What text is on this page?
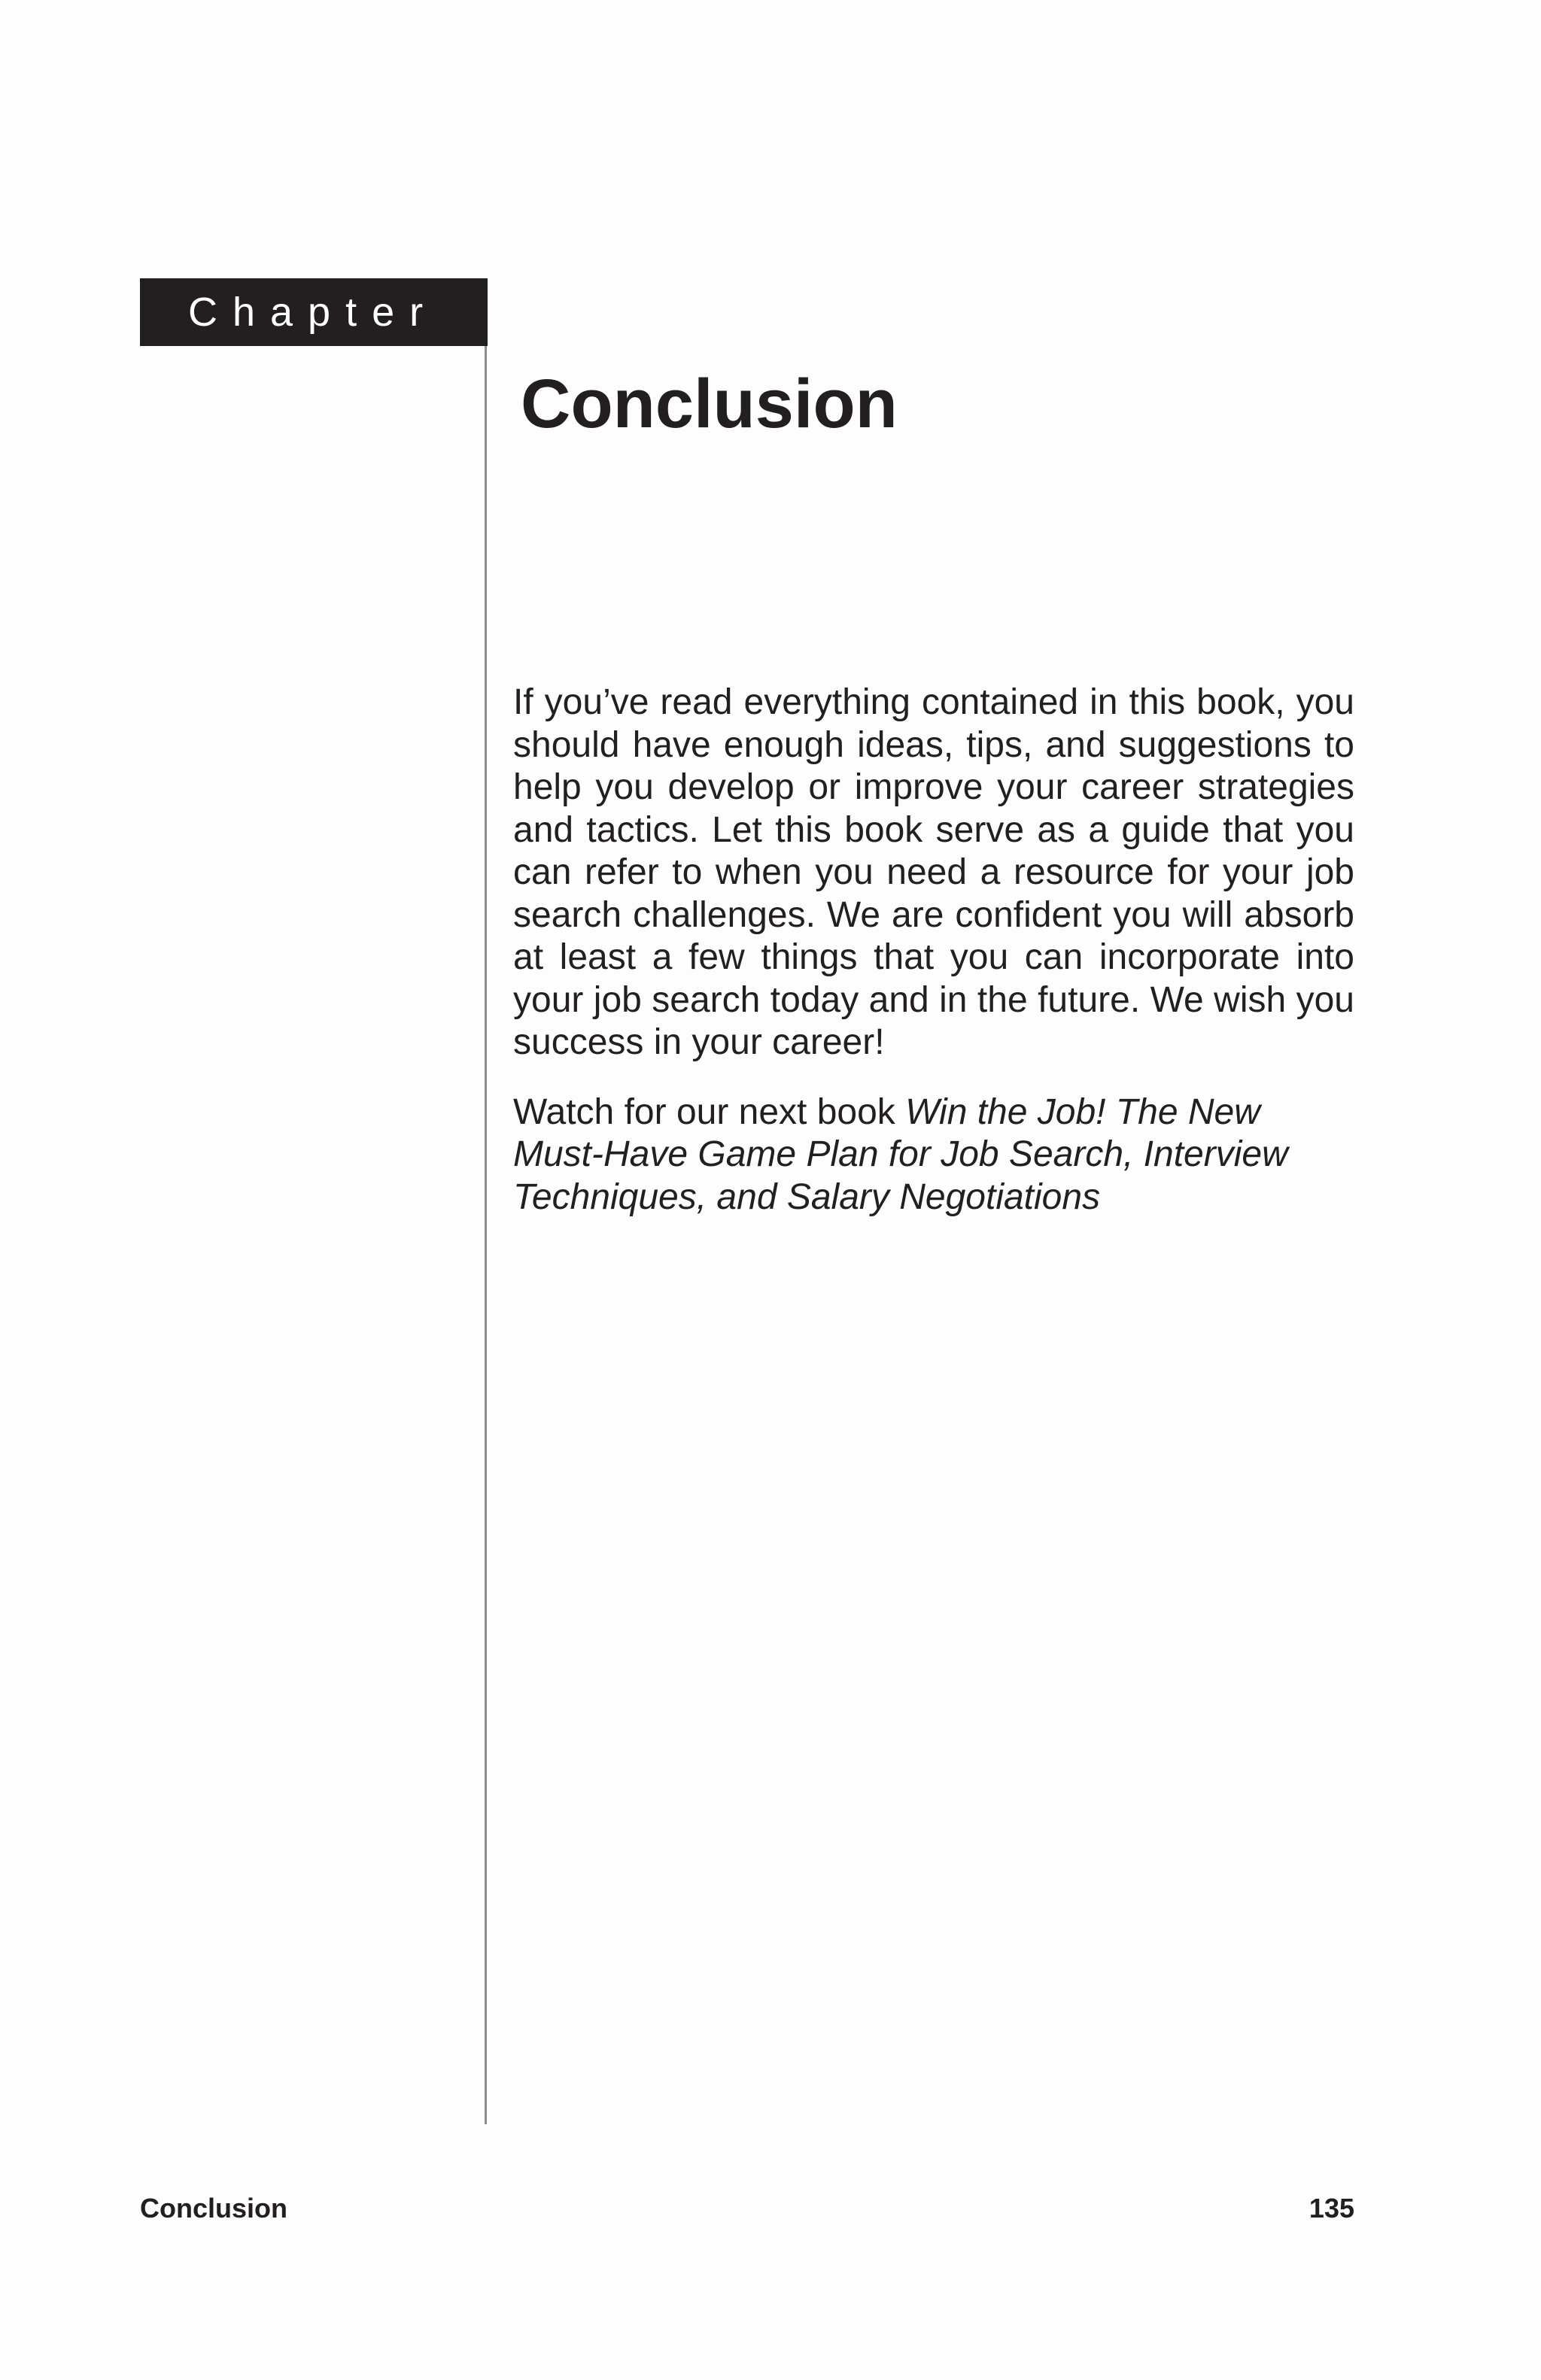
Chapter
Conclusion

If you’ve read everything contained in this book, you should have enough ideas, tips, and suggestions to help you develop or improve your career strategies and tactics. Let this book serve as a guide that you can refer to when you need a resource for your job search challenges. We are confident you will absorb at least a few things that you can incorporate into your job search today and in the future. We wish you success in your career!

Watch for our next book Win the Job! The New Must-Have Game Plan for Job Search, Interview Techniques, and Salary Negotiations

Conclusion	135
